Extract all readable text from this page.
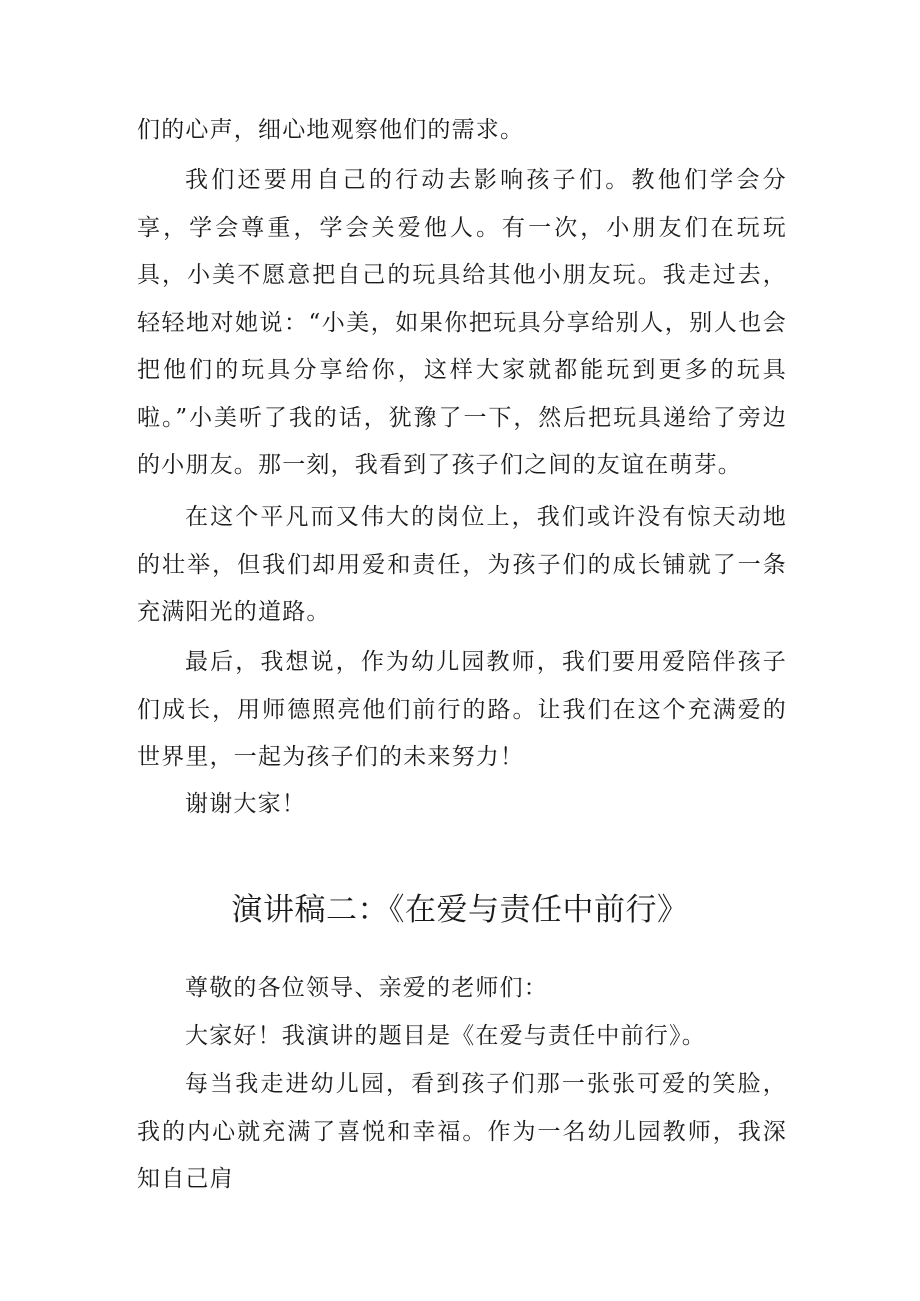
们的心声，细心地观察他们的需求。

我们还要用自己的行动去影响孩子们。教他们学会分享，学会尊重，学会关爱他人。有一次，小朋友们在玩玩具，小美不愿意把自己的玩具给其他小朋友玩。我走过去，轻轻地对她说：“小美，如果你把玩具分享给别人，别人也会把他们的玩具分享给你，这样大家就都能玩到更多的玩具啦。”小美听了我的话，犹豫了一下，然后把玩具递给了旁边的小朋友。那一刻，我看到了孩子们之间的友谊在萌芽。

在这个平凡而又伟大的岗位上，我们或许没有惊天动地的壮举，但我们却用爱和责任，为孩子们的成长铺就了一条充满阳光的道路。

最后，我想说，作为幼儿园教师，我们要用爱陪伴孩子们成长，用师德照亮他们前行的路。让我们在这个充满爱的世界里，一起为孩子们的未来努力！

谢谢大家！

演讲稿二：《在爱与责任中前行》

尊敬的各位领导、亲爱的老师们：

大家好！我演讲的题目是《在爱与责任中前行》。

每当我走进幼儿园，看到孩子们那一张张可爱的笑脸，我的内心就充满了喜悦和幸福。作为一名幼儿园教师，我深知自己肩
